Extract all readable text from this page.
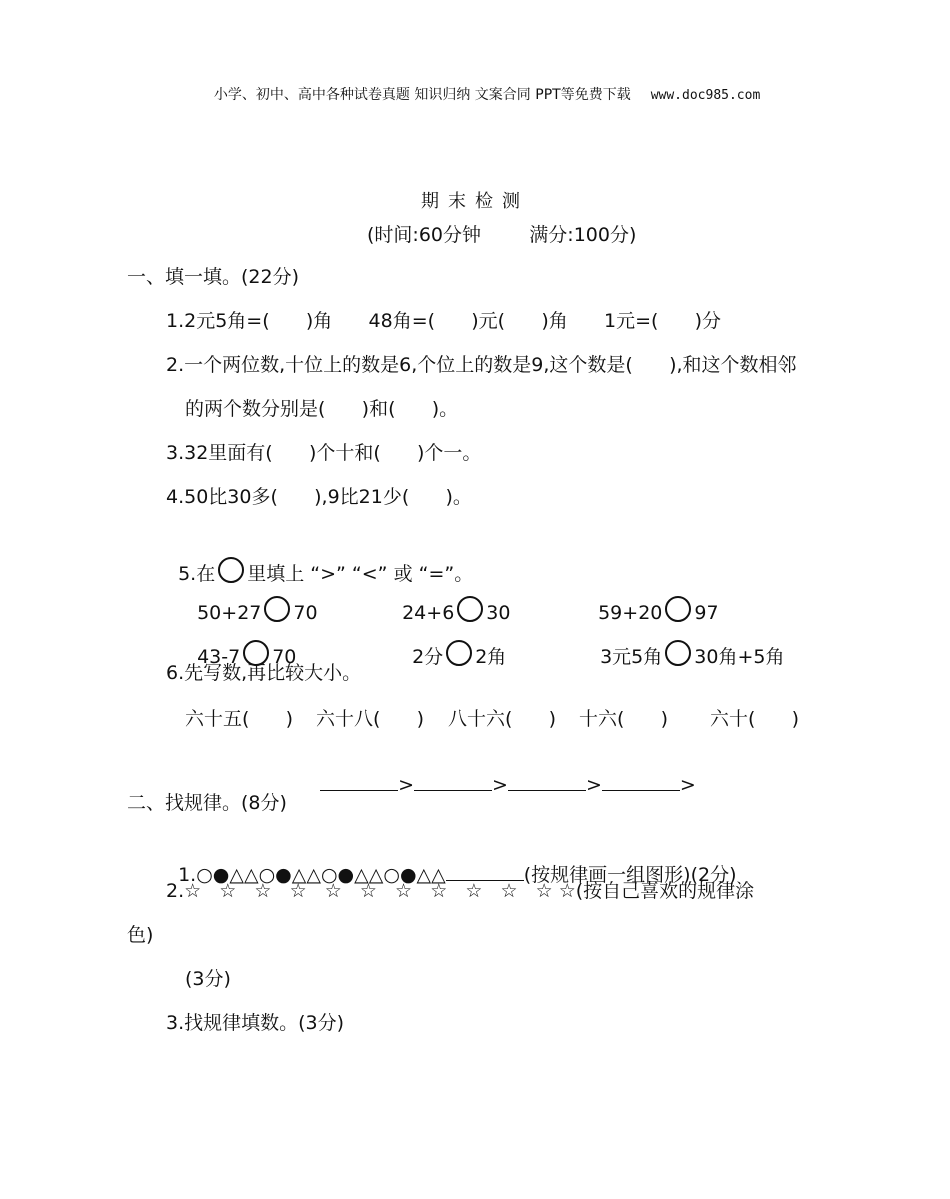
小学、初中、高中各种试卷真题 知识归纳 文案合同 PPT等免费下载 www.doc985.com

期末检测
(时间:60分钟        满分:100分)
一、填一填。(22分)
1.2元5角=(      )角      48角=(      )元(      )角      1元=(      )分
2.一个两位数,十位上的数是6,个位上的数是9,这个数是(      ),和这个数相邻
的两个数分别是(      )和(      )。
3.32里面有(      )个十和(      )个一。
4.50比30多(      ),9比21少(      )。

5.在 里填上 “>” “<” 或 “=”。

50+27 70	24+6 30	59+20 97

43-7 70	2分 2角	3元5角 30角+5角

6.先写数,再比较大小。
六十五(      ) 六十八(      ) 八十六(      ) 十六(      ) 六十(      )

>	>	>	>

二、找规律。(8分)

1.○●△△○●△△○●△△○●△△	(按规律画一组图形)(2分)

2.☆   ☆   ☆   ☆   ☆   ☆   ☆   ☆   ☆   ☆   ☆ ☆(按自己喜欢的规律涂
色)
(3分)
3.找规律填数。(3分)
